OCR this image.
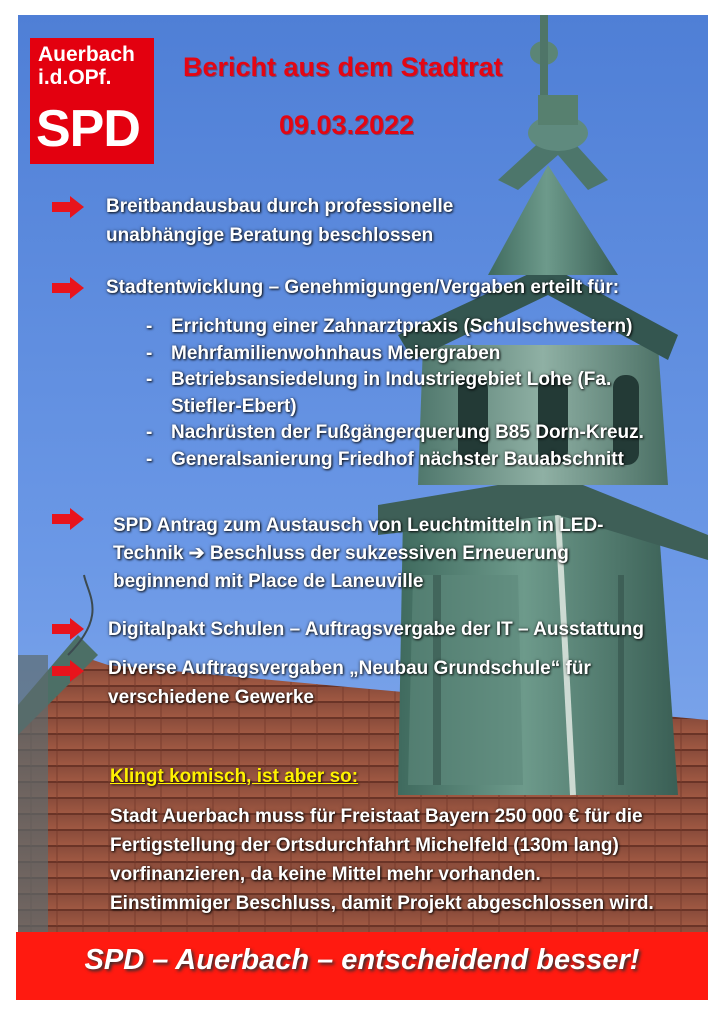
Auerbach
i.d.OPf.
SPD
Bericht aus dem Stadtrat
09.03.2022
Breitbandausbau durch professionelle
unabhängige Beratung beschlossen
Stadtentwicklung – Genehmigungen/Vergaben erteilt für:
- Errichtung einer Zahnarztpraxis (Schulschwestern)
- Mehrfamilienwohnhaus Meiergraben
- Betriebsansiedelung in Industriegebiet Lohe (Fa.
Stiefler-Ebert)
- Nachrüsten der Fußgängerquerung B85 Dorn-Kreuz.
- Generalsanierung Friedhof nächster Bauabschnitt
SPD Antrag zum Austausch von Leuchtmitteln in LED-
Technik ➔ Beschluss der sukzessiven Erneuerung
beginnend mit Place de Laneuville
Digitalpakt Schulen – Auftragsvergabe der IT – Ausstattung
Diverse Auftragsvergaben „Neubau Grundschule“ für
verschiedene Gewerke
Klingt komisch, ist aber so:
Stadt Auerbach muss für Freistaat Bayern 250 000 € für die
Fertigstellung der Ortsdurchfahrt Michelfeld (130m lang)
vorfinanzieren, da keine Mittel mehr vorhanden.
Einstimmiger Beschluss, damit Projekt abgeschlossen wird.
SPD – Auerbach – entscheidend besser!
